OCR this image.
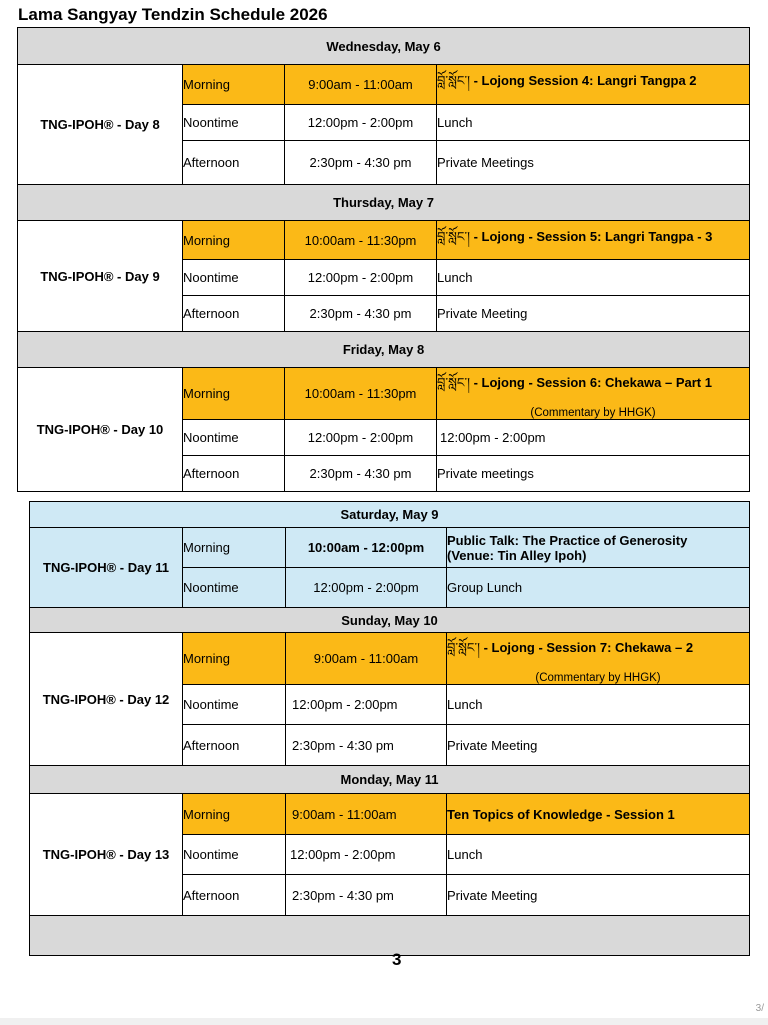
Lama Sangyay Tendzin Schedule 2026
Wednesday, May 6			
TNG-IPOH® - Day 8	Morning	9:00am - 11:00am	བློ་སློང་། - Lojong Session 4: Langri Tangpa 2
	Noontime	12:00pm - 2:00pm	Lunch
	Afternoon	2:30pm - 4:30 pm	Private Meetings
Thursday, May 7			
TNG-IPOH® - Day 9	Morning	10:00am - 11:30pm	བློ་སློང་། - Lojong - Session 5: Langri Tangpa - 3
	Noontime	12:00pm - 2:00pm	Lunch
	Afternoon	2:30pm - 4:30 pm	Private Meeting
Friday, May 8			
TNG-IPOH® - Day 10	Morning	10:00am - 11:30pm	བློ་སློང་། - Lojong - Session 6: Chekawa – Part 1
(Commentary by HHGK)

	Noontime	12:00pm - 2:00pm	12:00pm - 2:00pm
	Afternoon	2:30pm - 4:30 pm	Private meetings
Saturday, May 9			
TNG-IPOH® - Day 11	Morning	10:00am - 12:00pm	Public Talk: The Practice of Generosity
(Venue: Tin Alley Ipoh)
	Noontime	12:00pm - 2:00pm	Group Lunch
Sunday, May 10			
TNG-IPOH® - Day 12	Morning	9:00am - 11:00am	བློ་སློང་། - Lojong - Session 7: Chekawa – 2
(Commentary by HHGK)

	Noontime	12:00pm - 2:00pm	Lunch
	Afternoon	2:30pm - 4:30 pm	Private Meeting
Monday, May 11			
TNG-IPOH® - Day 13	Morning	9:00am - 11:00am	Ten Topics of Knowledge - Session 1
	Noontime	12:00pm - 2:00pm	Lunch
	Afternoon	2:30pm - 4:30 pm	Private Meeting

3
3/
